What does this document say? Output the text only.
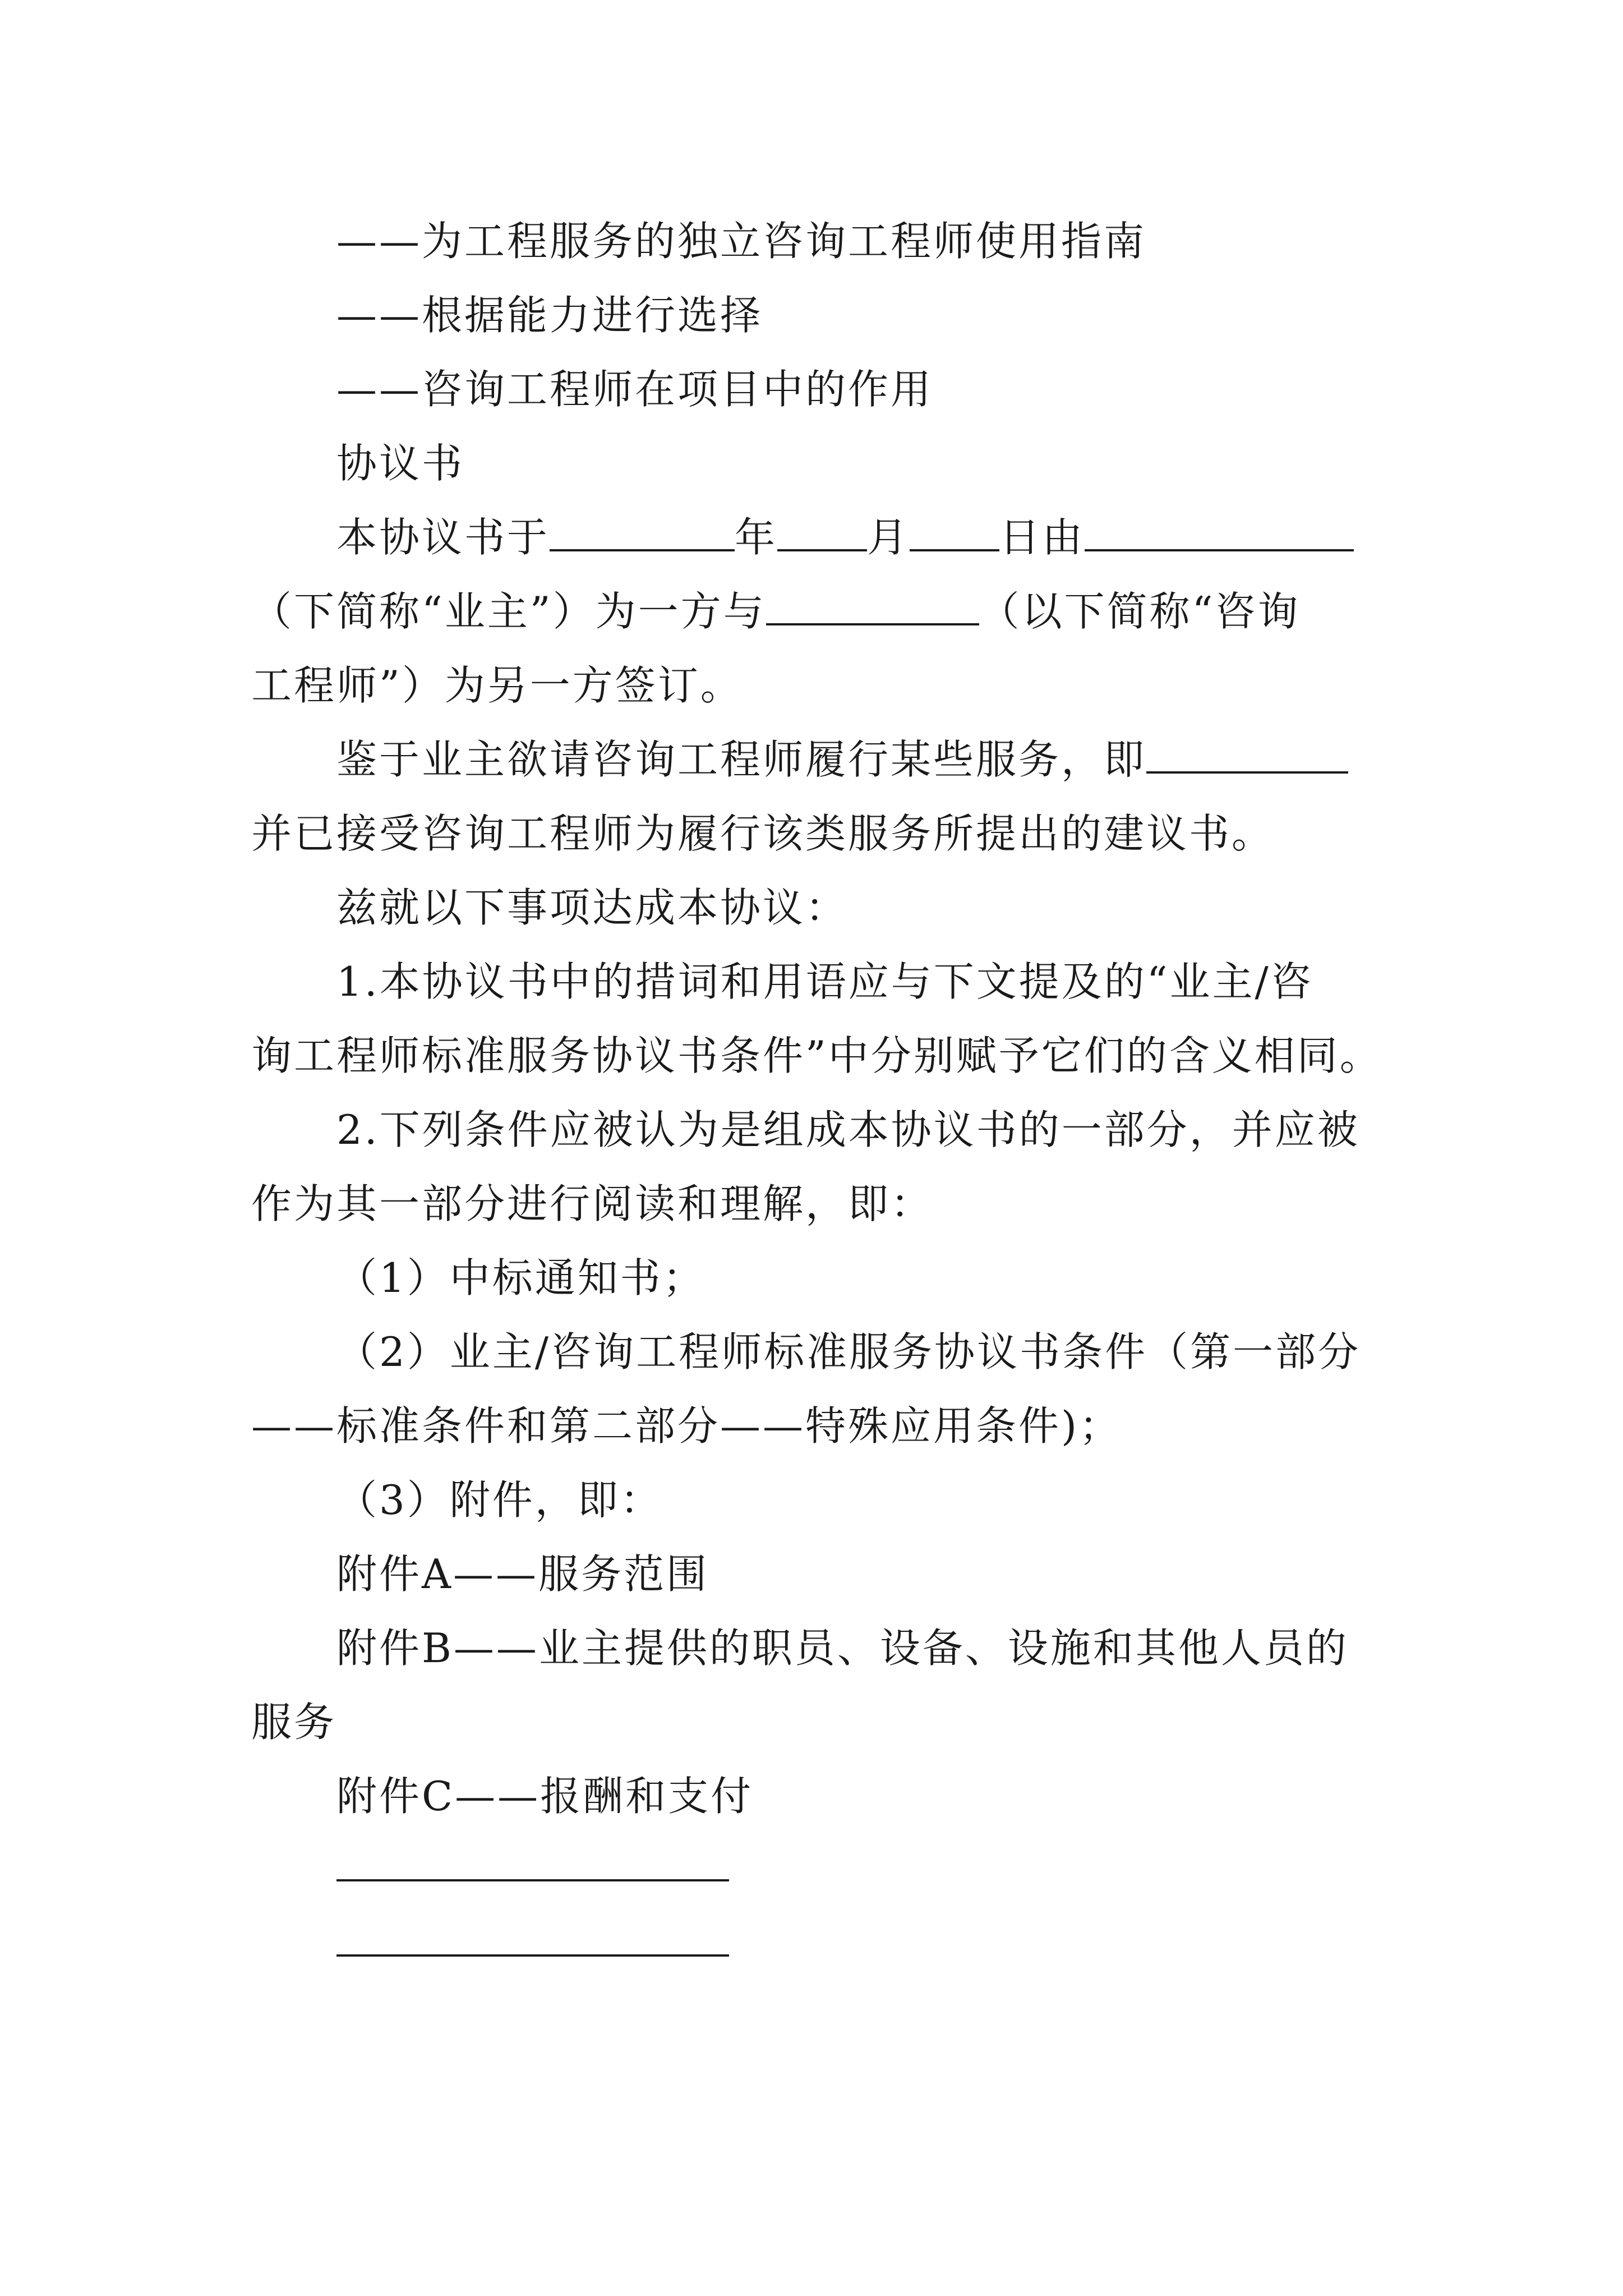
——为工程服务的独立咨询工程师使用指南
——根据能力进行选择
——咨询工程师在项目中的作用
协议书
本协议书于	年 月 日由
（下简称“业主”）为一方与	（以下简称“咨询
工程师”）为另一方签订。
鉴于业主欲请咨询工程师履行某些服务，即
并已接受咨询工程师为履行该类服务所提出的建议书。
兹就以下事项达成本协议：
1.本协议书中的措词和用语应与下文提及的“业主/咨
询工程师标准服务协议书条件”中分别赋予它们的含义相同。
2.下列条件应被认为是组成本协议书的一部分，并应被
作为其一部分进行阅读和理解，即：
（1）中标通知书；
（2）业主/咨询工程师标准服务协议书条件（第一部分
——标准条件和第二部分——特殊应用条件)；
（3）附件，即：
附件A——服务范围
附件B——业主提供的职员、设备、设施和其他人员的
服务
附件C——报酬和支付
